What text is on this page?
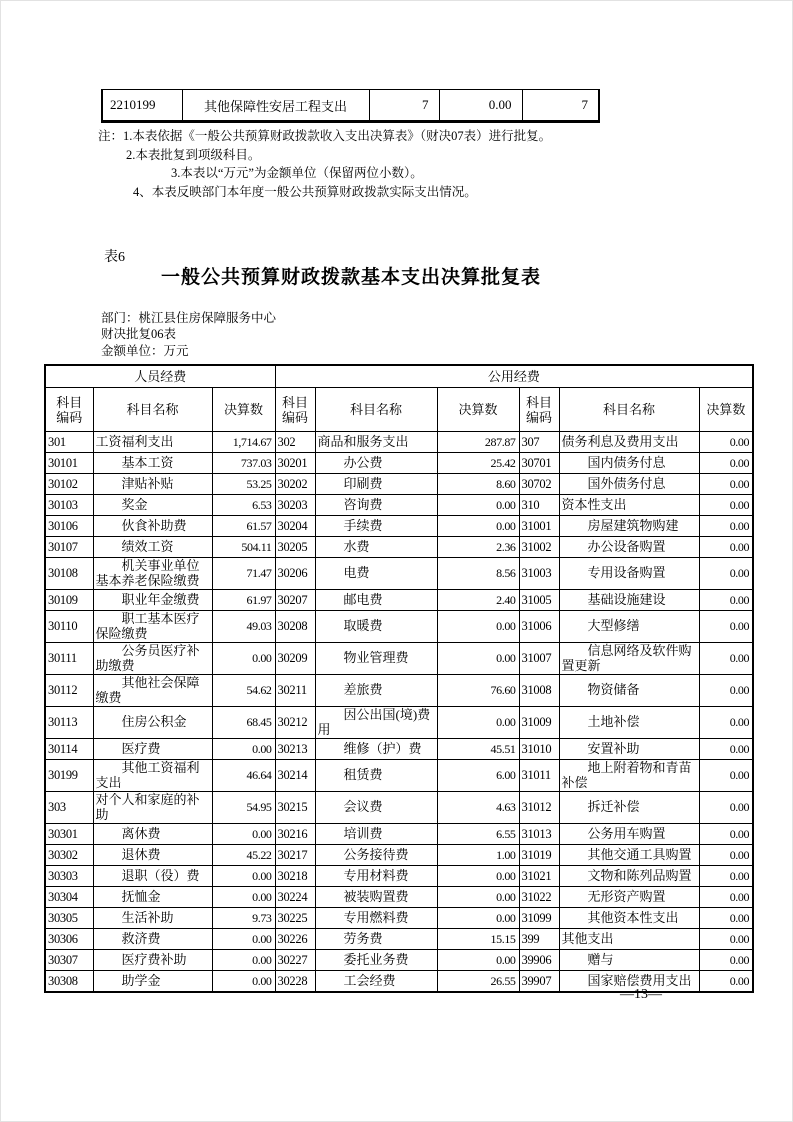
2210199	其他保障性安居工程支出	7	0.00	7
注：1.本表依据《一般公共预算财政拨款收入支出决算表》（财决07表）进行批复。
2.本表批复到项级科目。
3.本表以“万元”为金额单位（保留两位小数）。
4、本表反映部门本年度一般公共预算财政拨款实际支出情况。
表6
一般公共预算财政拨款基本支出决算批复表
部门：桃江县住房保障服务中心
财决批复06表
金额单位：万元
人员经费			公用经费					
科目编码	科目名称	决算数	科目编码	科目名称	决算数	科目编码	科目名称	决算数
301	工资福利支出	1,714.67	302	商品和服务支出	287.87	307	债务利息及费用支出	0.00
30101	基本工资	737.03	30201	办公费	25.42	30701	国内债务付息	0.00
30102	津贴补贴	53.25	30202	印刷费	8.60	30702	国外债务付息	0.00
30103	奖金	6.53	30203	咨询费	0.00	310	资本性支出	0.00
30106	伙食补助费	61.57	30204	手续费	0.00	31001	房屋建筑物购建	0.00
30107	绩效工资	504.11	30205	水费	2.36	31002	办公设备购置	0.00
30108	机关事业单位基本养老保险缴费	71.47	30206	电费	8.56	31003	专用设备购置	0.00
30109	职业年金缴费	61.97	30207	邮电费	2.40	31005	基础设施建设	0.00
30110	职工基本医疗保险缴费	49.03	30208	取暖费	0.00	31006	大型修缮	0.00
30111	公务员医疗补助缴费	0.00	30209	物业管理费	0.00	31007	信息网络及软件购置更新	0.00
30112	其他社会保障缴费	54.62	30211	差旅费	76.60	31008	物资储备	0.00
30113	住房公积金	68.45	30212	因公出国(境)费用	0.00	31009	土地补偿	0.00
30114	医疗费	0.00	30213	维修（护）费	45.51	31010	安置补助	0.00
30199	其他工资福利支出	46.64	30214	租赁费	6.00	31011	地上附着物和青苗补偿	0.00
303	对个人和家庭的补助	54.95	30215	会议费	4.63	31012	拆迁补偿	0.00
30301	离休费	0.00	30216	培训费	6.55	31013	公务用车购置	0.00
30302	退休费	45.22	30217	公务接待费	1.00	31019	其他交通工具购置	0.00
30303	退职（役）费	0.00	30218	专用材料费	0.00	31021	文物和陈列品购置	0.00
30304	抚恤金	0.00	30224	被装购置费	0.00	31022	无形资产购置	0.00
30305	生活补助	9.73	30225	专用燃料费	0.00	31099	其他资本性支出	0.00
30306	救济费	0.00	30226	劳务费	15.15	399	其他支出	0.00
30307	医疗费补助	0.00	30227	委托业务费	0.00	39906	赠与	0.00
30308	助学金	0.00	30228	工会经费	26.55	39907	国家赔偿费用支出	0.00
—13—
